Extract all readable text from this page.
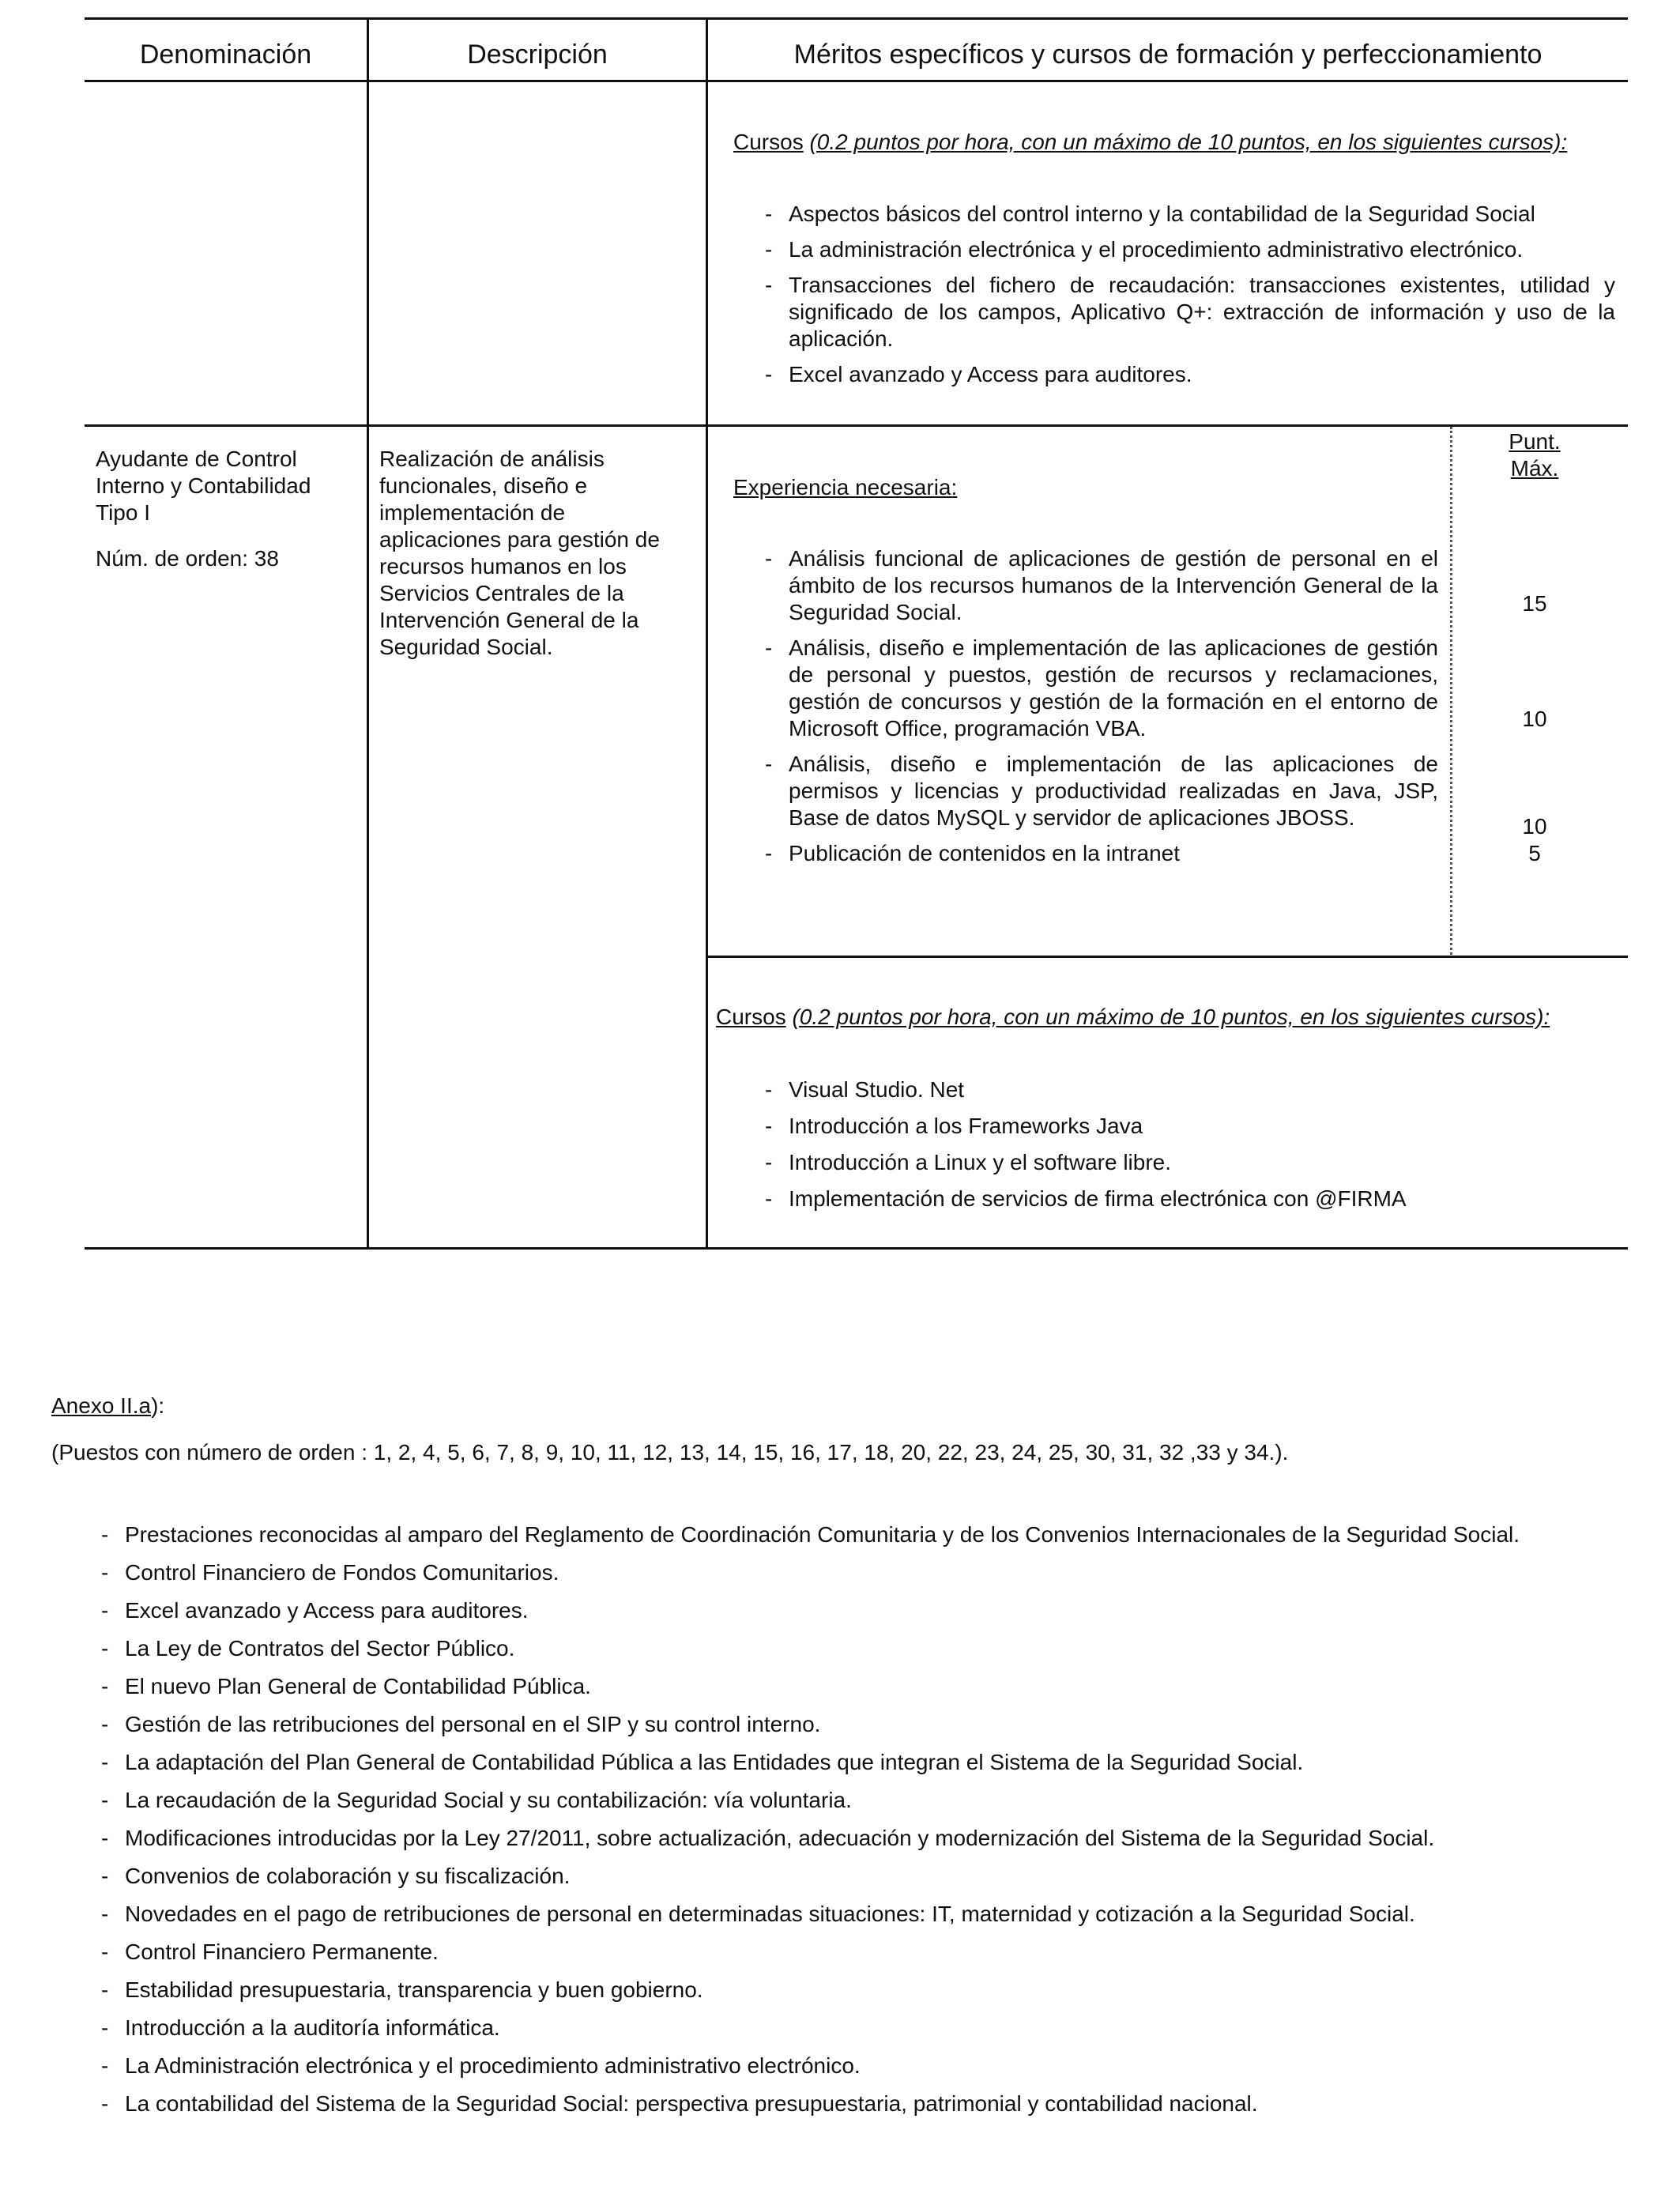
Denominación	Descripción	Méritos específicos y cursos de formación y perfeccionamiento
Cursos (0.2 puntos por hora, con un máximo de 10 puntos, en los siguientes cursos):
- Aspectos básicos del control interno y la contabilidad de la Seguridad Social
- La administración electrónica y el procedimiento administrativo electrónico.
- Transacciones del fichero de recaudación: transacciones existentes, utilidad y significado de los campos, Aplicativo Q+: extracción de información y uso de la aplicación.
- Excel avanzado y Access para auditores.
Ayudante de Control Interno y Contabilidad Tipo I
Núm. de orden: 38
Realización de análisis funcionales, diseño e implementación de aplicaciones para gestión de recursos humanos en los Servicios Centrales de la Intervención General de la Seguridad Social.
Punt.
Máx.
Experiencia necesaria:
- Análisis funcional de aplicaciones de gestión de personal en el ámbito de los recursos humanos de la Intervención General de la Seguridad Social.
- Análisis, diseño e implementación de las aplicaciones de gestión de personal y puestos, gestión de recursos y reclamaciones, gestión de concursos y gestión de la formación en el entorno de Microsoft Office, programación VBA.
- Análisis, diseño e implementación de las aplicaciones de permisos y licencias y productividad realizadas en Java, JSP, Base de datos MySQL y servidor de aplicaciones JBOSS.
- Publicación de contenidos en la intranet
15
10
10
5
Cursos (0.2 puntos por hora, con un máximo de 10 puntos, en los siguientes cursos):
- Visual Studio. Net
- Introducción a los Frameworks Java
- Introducción a Linux y el software libre.
- Implementación de servicios de firma electrónica con @FIRMA
Anexo II.a):
(Puestos con número de orden : 1, 2, 4, 5, 6, 7, 8, 9, 10, 11, 12, 13, 14, 15, 16, 17, 18, 20, 22, 23, 24, 25, 30, 31, 32 ,33 y 34.).
- Prestaciones reconocidas al amparo del Reglamento de Coordinación Comunitaria y de los Convenios Internacionales de la Seguridad Social.
- Control Financiero de Fondos Comunitarios.
- Excel avanzado y Access para auditores.
- La Ley de Contratos del Sector Público.
- El nuevo Plan General de Contabilidad Pública.
- Gestión de las retribuciones del personal en el SIP y su control interno.
- La adaptación del Plan General de Contabilidad Pública a las Entidades que integran el Sistema de la Seguridad Social.
- La recaudación de la Seguridad Social y su contabilización: vía voluntaria.
- Modificaciones introducidas por la Ley 27/2011, sobre actualización, adecuación y modernización del Sistema de la Seguridad Social.
- Convenios de colaboración y su fiscalización.
- Novedades en el pago de retribuciones de personal en determinadas situaciones: IT, maternidad y cotización a la Seguridad Social.
- Control Financiero Permanente.
- Estabilidad presupuestaria, transparencia y buen gobierno.
- Introducción a la auditoría informática.
- La Administración electrónica y el procedimiento administrativo electrónico.
- La contabilidad del Sistema de la Seguridad Social: perspectiva presupuestaria, patrimonial y contabilidad nacional.
